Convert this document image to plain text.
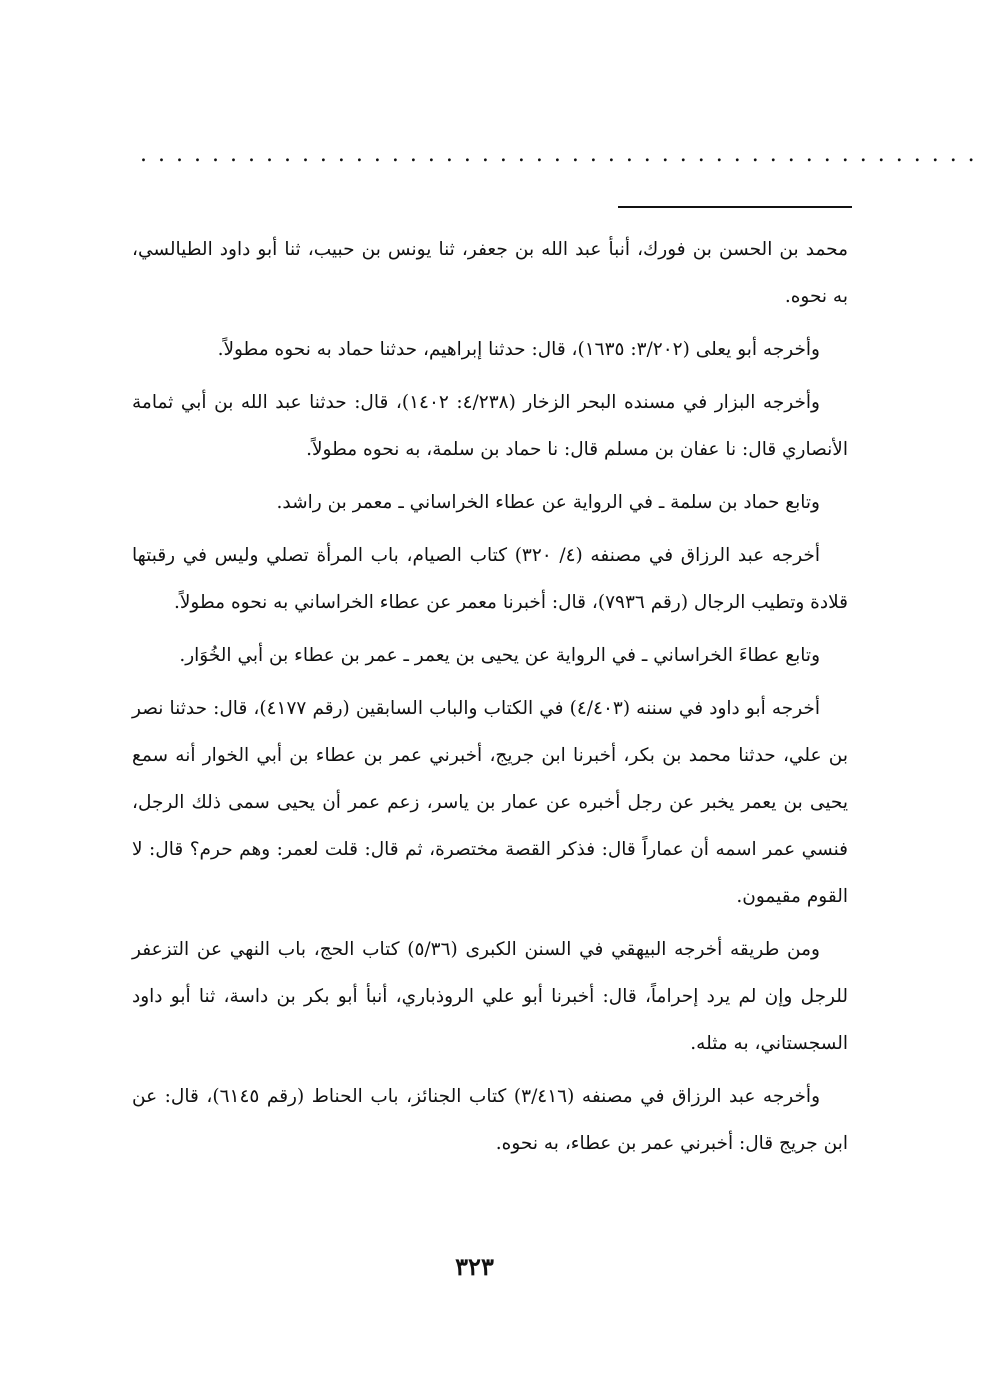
...............................................

محمد بن الحسن بن فورك، أنبأ عبد الله بن جعفر، ثنا يونس بن حبيب، ثنا أبو داود الطيالسي، به نحوه.

وأخرجه أبو يعلى (٣/٢٠٢: ١٦٣٥)، قال: حدثنا إبراهيم، حدثنا حماد به نحوه مطولاً.

وأخرجه البزار في مسنده البحر الزخار (٤/٢٣٨: ١٤٠٢)، قال: حدثنا عبد الله بن أبي ثمامة الأنصاري قال: نا عفان بن مسلم قال: نا حماد بن سلمة، به نحوه مطولاً.

وتابع حماد بن سلمة ـ في الرواية عن عطاء الخراساني ـ معمر بن راشد.

أخرجه عبد الرزاق في مصنفه (٤/ ٣٢٠) كتاب الصيام، باب المرأة تصلي وليس في رقبتها قلادة وتطيب الرجال (رقم ٧٩٣٦)، قال: أخبرنا معمر عن عطاء الخراساني به نحوه مطولاً.

وتابع عطاءَ الخراساني ـ في الرواية عن يحيى بن يعمر ـ عمر بن عطاء بن أبي الخُوَار.

أخرجه أبو داود في سننه (٤/٤٠٣) في الكتاب والباب السابقين (رقم ٤١٧٧)، قال: حدثنا نصر بن علي، حدثنا محمد بن بكر، أخبرنا ابن جريج، أخبرني عمر بن عطاء بن أبي الخوار أنه سمع يحيى بن يعمر يخبر عن رجل أخبره عن عمار بن ياسر، زعم عمر أن يحيى سمى ذلك الرجل، فنسي عمر اسمه أن عماراً قال: فذكر القصة مختصرة، ثم قال: قلت لعمر: وهم حرم؟ قال: لا القوم مقيمون.

ومن طريقه أخرجه البيهقي في السنن الكبرى (٥/٣٦) كتاب الحج، باب النهي عن التزعفر للرجل وإن لم يرد إحراماً، قال: أخبرنا أبو علي الروذباري، أنبأ أبو بكر بن داسة، ثنا أبو داود السجستاني، به مثله.

وأخرجه عبد الرزاق في مصنفه (٣/٤١٦) كتاب الجنائز، باب الحناط (رقم ٦١٤٥)، قال: عن ابن جريج قال: أخبرني عمر بن عطاء، به نحوه.

٣٢٣
